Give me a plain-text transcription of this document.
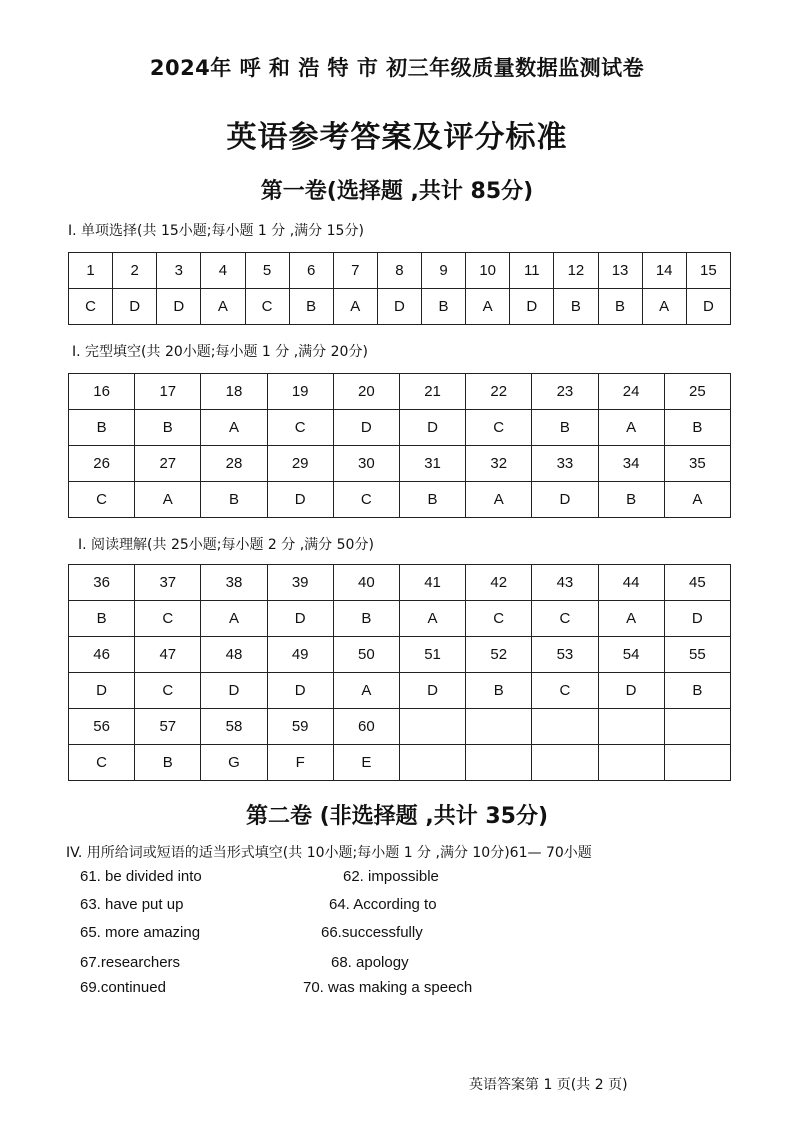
2024年 呼 和 浩 特 市 初三年级质量数据监测试卷
英语参考答案及评分标准
第一卷(选择题 ,共计 85分)
I. 单项选择(共 15小题;每小题 1 分 ,满分 15分)
1	2	3	4	5	6	7	8	9	10	11	12	13	14	15
C	D	D	A	C	B	A	D	B	A	D	B	B	A	D
I. 完型填空(共 20小题;每小题 1 分 ,满分 20分)
16	17	18	19	20	21	22	23	24	25
B	B	A	C	D	D	C	B	A	B
26	27	28	29	30	31	32	33	34	35
C	A	B	D	C	B	A	D	B	A
I. 阅读理解(共 25小题;每小题 2 分 ,满分 50分)
36	37	38	39	40	41	42	43	44	45
B	C	A	D	B	A	C	C	A	D
46	47	48	49	50	51	52	53	54	55
D	C	D	D	A	D	B	C	D	B
56	57	58	59	60					
C	B	G	F	E					
第二卷 (非选择题 ,共计 35分)
IV. 用所给词或短语的适当形式填空(共 10小题;每小题 1 分 ,满分 10分)61— 70小题
61. be divided into	62. impossible
63. have put up	64. According to
65. more amazing	66.successfully
67.researchers	68. apology
69.continued	70. was making a speech
英语答案第 1 页(共 2 页)
